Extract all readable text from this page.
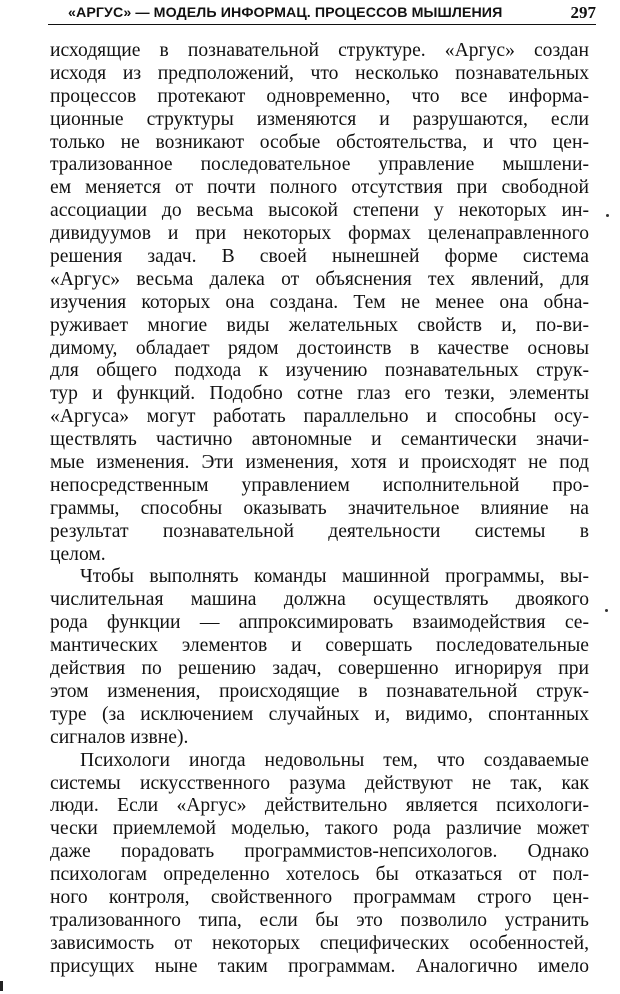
«АРГУС» — МОДЕЛЬ ИНФОРМАЦ. ПРОЦЕССОВ МЫШЛЕНИЯ	297
исходящие в познавательной структуре. «Аргус» создан
исходя из предположений, что несколько познавательных
процессов протекают одновременно, что все информа-
ционные структуры изменяются и разрушаются, если
только не возникают особые обстоятельства, и что цен-
трализованное последовательное управление мышлени-
ем меняется от почти полного отсутствия при свободной
ассоциации до весьма высокой степени у некоторых ин-
дивидуумов и при некоторых формах целенаправленного
решения задач. В своей нынешней форме система
«Аргус» весьма далека от объяснения тех явлений, для
изучения которых она создана. Тем не менее она обна-
руживает многие виды желательных свойств и, по-ви-
димому, обладает рядом достоинств в качестве основы
для общего подхода к изучению познавательных струк-
тур и функций. Подобно сотне глаз его тезки, элементы
«Аргуса» могут работать параллельно и способны осу-
ществлять частично автономные и семантически значи-
мые изменения. Эти изменения, хотя и происходят не под
непосредственным управлением исполнительной про-
граммы, способны оказывать значительное влияние на
результат познавательной деятельности системы в
целом.
Чтобы выполнять команды машинной программы, вы-
числительная машина должна осуществлять двоякого
рода функции — аппроксимировать взаимодействия се-
мантических элементов и совершать последовательные
действия по решению задач, совершенно игнорируя при
этом изменения, происходящие в познавательной струк-
туре (за исключением случайных и, видимо, спонтанных
сигналов извне).
Психологи иногда недовольны тем, что создаваемые
системы искусственного разума действуют не так, как
люди. Если «Аргус» действительно является психологи-
чески приемлемой моделью, такого рода различие может
даже порадовать программистов-непсихологов. Однако
психологам определенно хотелось бы отказаться от пол-
ного контроля, свойственного программам строго цен-
трализованного типа, если бы это позволило устранить
зависимость от некоторых специфических особенностей,
присущих ныне таким программам. Аналогично имело
